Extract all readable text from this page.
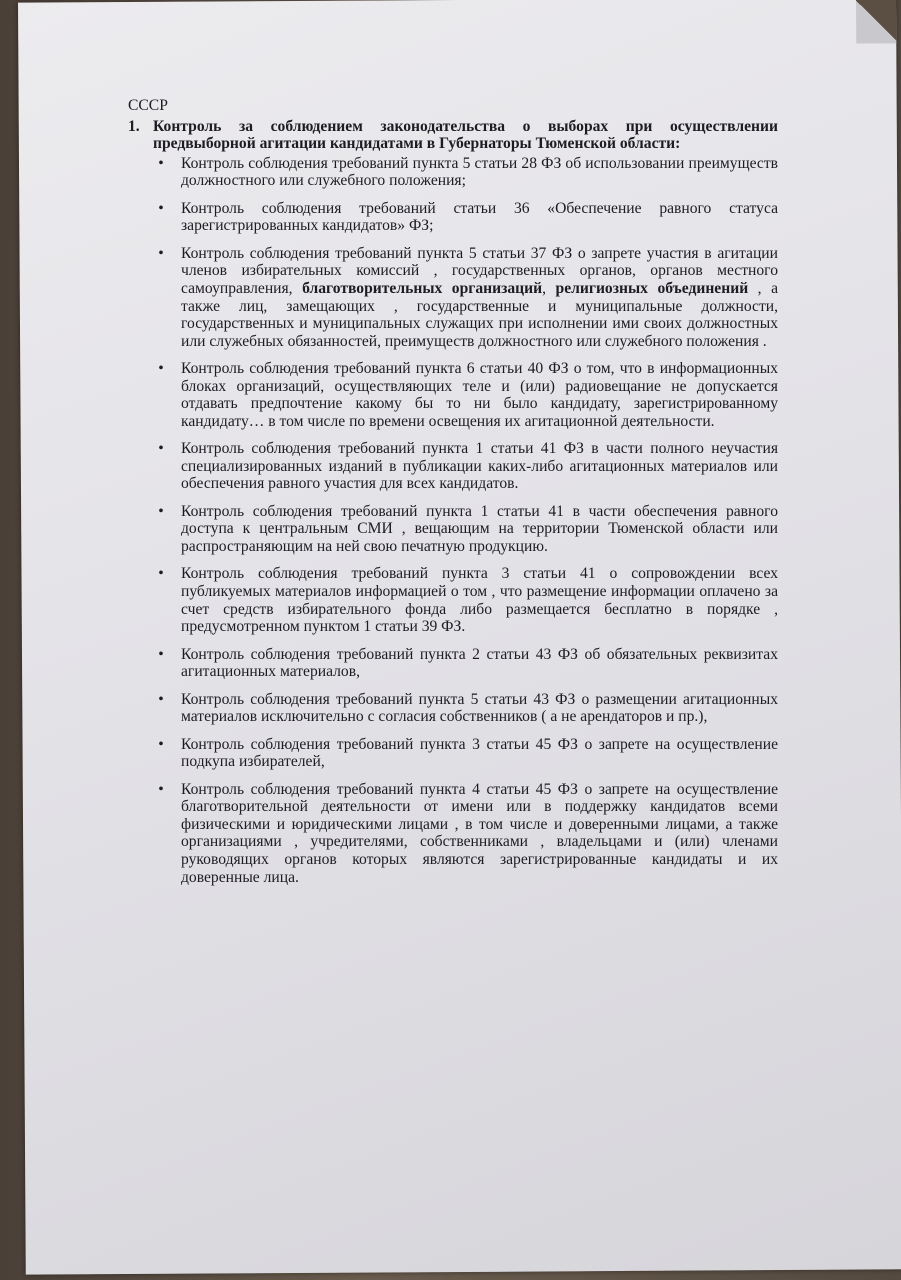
СССР
1. Контроль за соблюдением законодательства о выборах при осуществлении предвыборной агитации кандидатами в Губернаторы Тюменской области:
•	Контроль соблюдения требований пункта 5 статьи 28 ФЗ об использовании преимуществ должностного или служебного положения;
•	Контроль соблюдения требований статьи 36 «Обеспечение равного статуса зарегистрированных кандидатов» ФЗ;
•	Контроль соблюдения требований пункта 5 статьи 37 ФЗ о запрете участия в агитации членов избирательных комиссий , государственных органов, органов местного самоуправления, благотворительных организаций, религиозных объединений , а также лиц, замещающих , государственные и муниципальные должности, государственных и муниципальных служащих при исполнении ими своих должностных или служебных обязанностей, преимуществ должностного или служебного положения .
•	Контроль соблюдения требований пункта 6 статьи 40 ФЗ о том, что в информационных блоках организаций, осуществляющих теле и (или) радиовещание не допускается отдавать предпочтение какому бы то ни было кандидату, зарегистрированному кандидату… в том числе по времени освещения их агитационной деятельности.
•	Контроль соблюдения требований пункта 1 статьи 41 ФЗ в части полного неучастия специализированных изданий в публикации каких-либо агитационных материалов или обеспечения равного участия для всех кандидатов.
•	Контроль соблюдения требований пункта 1 статьи 41 в части обеспечения равного доступа к центральным СМИ , вещающим на территории Тюменской области или распространяющим на ней свою печатную продукцию.
•	Контроль соблюдения требований пункта 3 статьи 41 о сопровождении всех публикуемых материалов информацией о том , что размещение информации оплачено за счет средств избирательного фонда либо размещается бесплатно в порядке , предусмотренном пунктом 1 статьи 39 ФЗ.
•	Контроль соблюдения требований пункта 2 статьи 43 ФЗ об обязательных реквизитах агитационных материалов,
•	Контроль соблюдения требований пункта 5 статьи 43 ФЗ о размещении агитационных материалов исключительно с согласия собственников ( а не арендаторов и пр.),
•	Контроль соблюдения требований пункта 3 статьи 45 ФЗ о запрете на осуществление подкупа избирателей,
•	Контроль соблюдения требований пункта 4 статьи 45 ФЗ о запрете на осуществление благотворительной деятельности от имени или в поддержку кандидатов всеми физическими и юридическими лицами , в том числе и доверенными лицами, а также организациями , учредителями, собственниками , владельцами и (или) членами руководящих органов которых являются зарегистрированные кандидаты и их доверенные лица.
